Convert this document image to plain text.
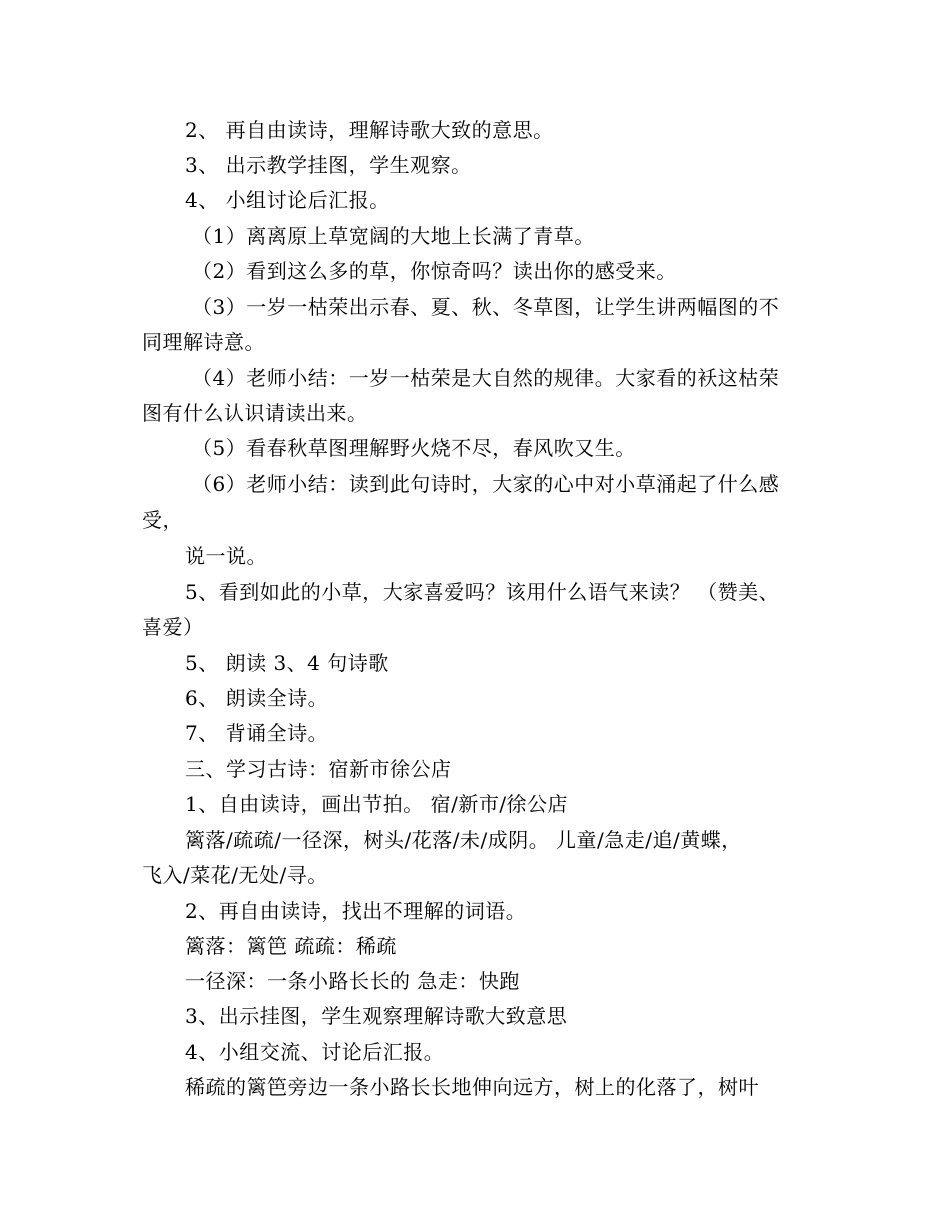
2、 再自由读诗，理解诗歌大致的意思。
3、 出示教学挂图，学生观察。
4、 小组讨论后汇报。
（1）离离原上草宽阔的大地上长满了青草。
（2）看到这么多的草，你惊奇吗？读出你的感受来。
（3）一岁一枯荣出示春、夏、秋、冬草图，让学生讲两幅图的不
同理解诗意。
（4）老师小结：一岁一枯荣是大自然的规律。大家看的袄这枯荣
图有什么认识请读出来。
（5）看春秋草图理解野火烧不尽，春风吹又生。
（6）老师小结：读到此句诗时，大家的心中对小草涌起了什么感
受，
说一说。
5、看到如此的小草，大家喜爱吗？该用什么语气来读？ （赞美、
喜爱）
5、 朗读 3、4 句诗歌
6、 朗读全诗。
7、 背诵全诗。
三、学习古诗：宿新市徐公店
1、自由读诗，画出节拍。 宿/新市/徐公店
篱落/疏疏/一径深，树头/花落/未/成阴。 儿童/急走/追/黄蝶，
飞入/菜花/无处/寻。
2、再自由读诗，找出不理解的词语。
篱落：篱笆 疏疏：稀疏
一径深：一条小路长长的 急走：快跑
3、出示挂图，学生观察理解诗歌大致意思
4、小组交流、讨论后汇报。
稀疏的篱笆旁边一条小路长长地伸向远方，树上的化落了，树叶
